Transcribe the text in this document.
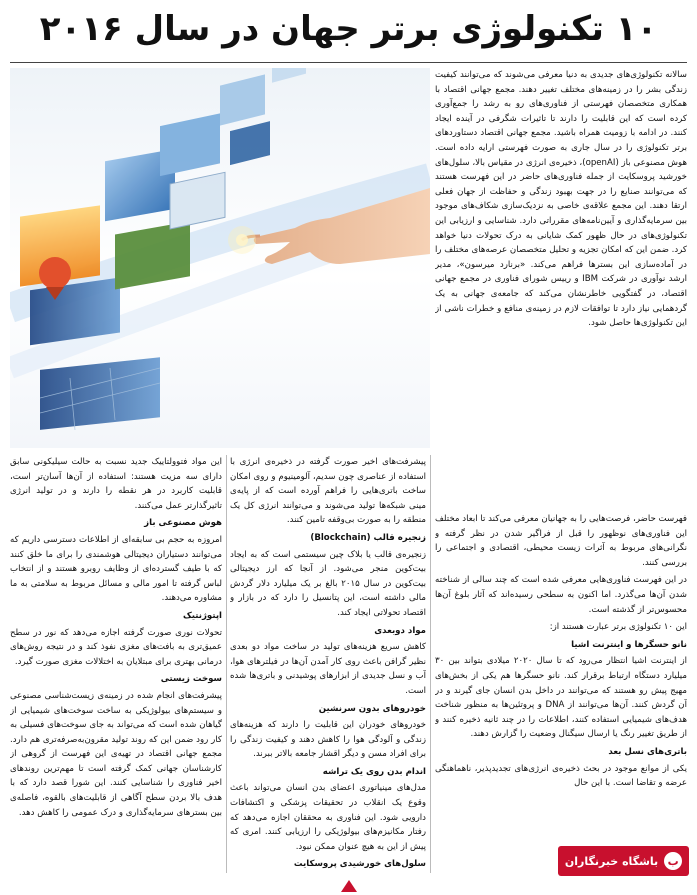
۱۰ تکنولوژی برتر جهان در سال ۲۰۱۶

سالانه تکنولوژی‌های جدیدی به دنیا معرفی می‌شوند که می‌توانند کیفیت زندگی بشر را در زمینه‌های مختلف تغییر دهند. مجمع جهانی اقتصاد با همکاری متخصصان فهرستی از فناوری‌های رو به رشد را جمع‌آوری کرده است که این قابلیت را دارند تا تاثیرات شگرفی در آینده ایجاد کنند. در ادامه با زومیت همراه باشید. مجمع جهانی اقتصاد دستاوردهای برتر تکنولوژی را در سال جاری به صورت فهرستی ارایه داده است. هوش مصنوعی باز (openAI)، ذخیره‌ی انرژی در مقیاس بالا، سلول‌های خورشید پروسکایت از جمله فناوری‌های حاضر در این فهرست هستند که می‌توانند صنایع را در جهت بهبود زندگی و حفاظت از جهان فعلی ارتقا دهند. این مجمع علاقه‌ی خاصی به نزدیک‌سازی شکاف‌های موجود بین سرمایه‌گذاری و آیین‌نامه‌های مقرراتی دارد. شناسایی و ارزیابی این تکنولوژی‌های در حال ظهور کمک شایانی به درک تحولات دنیا خواهد کرد. ضمن این که امکان تجزیه و تحلیل متخصصان عرصه‌های مختلف را در آماده‌سازی این بسترها فراهم می‌کند. «برنارد میرسون»، مدیر ارشد نوآوری در شرکت IBM و رییس شورای فناوری در مجمع جهانی اقتصاد، در گفتگویی خاطرنشان می‌کند که جامعه‌ی جهانی به یک گردهمایی نیاز دارد تا توافقات لازم در زمینه‌ی منافع و خطرات ناشی از این تکنولوژی‌ها حاصل شود.

فهرست حاضر، فرصت‌هایی را به جهانیان معرفی می‌کند تا ابعاد مختلف این فناوری‌های نوظهور را قبل از فراگیر شدن در نظر گرفته و نگرانی‌های مربوط به آثرات زیست محیطی، اقتصادی و اجتماعی را بررسی کنند.

در این فهرست فناوری‌هایی معرفی شده است که چند سالی از شناخته شدن آن‌ها می‌گذرد. اما اکنون به سطحی رسیده‌اند که آثار بلوغ آن‌ها محسوس‌تر از گذشته است.

این ۱۰ تکنولوژی برتر عبارت هستند از:

نانو حسگرها و اینترنت اشیا

از اینترنت اشیا انتظار می‌رود که تا سال ۲۰۲۰ میلادی بتواند بین ۳۰ میلیارد دستگاه ارتباط برقرار کند. نانو حسگرها هم یکی از بخش‌های مهیج پیش رو هستند که می‌توانند در داخل بدن انسان جای گیرند و در آن گردش کنند. آن‌ها می‌توانند از DNA و پروتئین‌ها به منظور شناخت هدف‌های شیمیایی استفاده کنند، اطلاعات را در چند ثانیه ذخیره کنند و از طریق تغییر رنگ یا ارسال سیگنال وضعیت را گزارش دهند.

باتری‌های نسل بعد

یکی از موانع موجود در بحث ذخیره‌ی انرژی‌های تجدیدپذیر، ناهماهنگی عرضه و تقاضا است. با این حال

پیشرفت‌های اخیر صورت گرفته در ذخیره‌ی انرژی با استفاده از عناصری چون سدیم، آلومینیوم و روی امکان ساخت باتری‌هایی را فراهم آورده است که از پایه‌ی مینی شبکه‌ها تولید می‌شوند و می‌توانند انرژی کل یک منطقه را به صورت بی‌وقفه تامین کنند.

زنجیره قالب (Blockchain)

زنجیره‌ی قالب یا بلاک چین سیستمی است که به ایجاد بیت‌کوین منجر می‌شود. از آنجا که ارز دیجیتالی بیت‌کوین در سال ۲۰۱۵ بالغ بر یک میلیارد دلار گردش مالی داشته است، این پتانسیل را دارد که در بازار و اقتصاد تحولاتی ایجاد کند.

مواد دوبعدی

کاهش سریع هزینه‌های تولید در ساخت مواد دو بعدی نظیر گرافن باعث روی کار آمدن آن‌ها در فیلترهای هوا، آب و نسل جدیدی از ابزارهای پوشیدنی و باتری‌ها شده است.

خودروهای بدون سرنشین

خودروهای خودران این قابلیت را دارند که هزینه‌های زندگی و آلودگی هوا را کاهش دهند و کیفیت زندگی را برای افراد مسن و دیگر اقشار جامعه بالاتر ببرند.

اندام بدن روی یک تراشه

مدل‌های مینیاتوری اعضای بدن انسان می‌تواند باعث وقوع یک انقلاب در تحقیقات پزشکی و اکتشافات دارویی شود. این فناوری به محققان اجازه می‌دهد که رفتار مکانیزم‌های بیولوژیکی را ارزیابی کنند. امری که پیش از این به هیچ عنوان ممکن نبود.

سلول‌های خورشیدی پروسکایت

این مواد فتوولتاییک جدید نسبت به حالت سیلیکونی سابق دارای سه مزیت هستند: استفاده از آن‌ها آسان‌تر است، قابلیت کاربرد در هر نقطه را دارند و در تولید انرژی تاثیرگذارتر عمل می‌کنند.

هوش مصنوعی باز

امروزه به حجم بی سابقه‌ای از اطلاعات دسترسی داریم که می‌توانند دستیاران دیجیتالی هوشمندی را برای ما خلق کنند که با طیف گسترده‌ای از وظایف روبرو هستند و از انتخاب لباس گرفته تا امور مالی و مسائل مربوط به سلامتی به ما مشاوره می‌دهند.

اپتوژنتیک

تحولات نوری صورت گرفته اجازه می‌دهد که نور در سطح عمیق‌تری به بافت‌های مغزی نفوذ کند و در نتیجه روش‌های درمانی بهتری برای مبتلایان به اختلالات مغزی صورت گیرد.

سوخت زیستی

پیشرفت‌های انجام شده در زمینه‌ی زیست‌شناسی مصنوعی و سیستم‌های بیولوژیکی به ساخت سوخت‌های شیمیایی از گیاهان شده است که می‌تواند به جای سوخت‌های فسیلی به کار رود ضمن این که روند تولید مقرون‌به‌صرفه‌تری هم دارد. مجمع جهانی اقتصاد در تهیه‌ی این فهرست از گروهی از کارشناسان جهانی کمک گرفته است تا مهم‌ترین روندهای اخیر فناوری را شناسایی کنند. این شورا قصد دارد که با هدف بالا بردن سطح آگاهی از قابلیت‌های بالقوه، فاصله‌ی بین بسترهای سرمایه‌گذاری و درک عمومی را کاهش دهد.

باشگاه خبرنگاران ب
